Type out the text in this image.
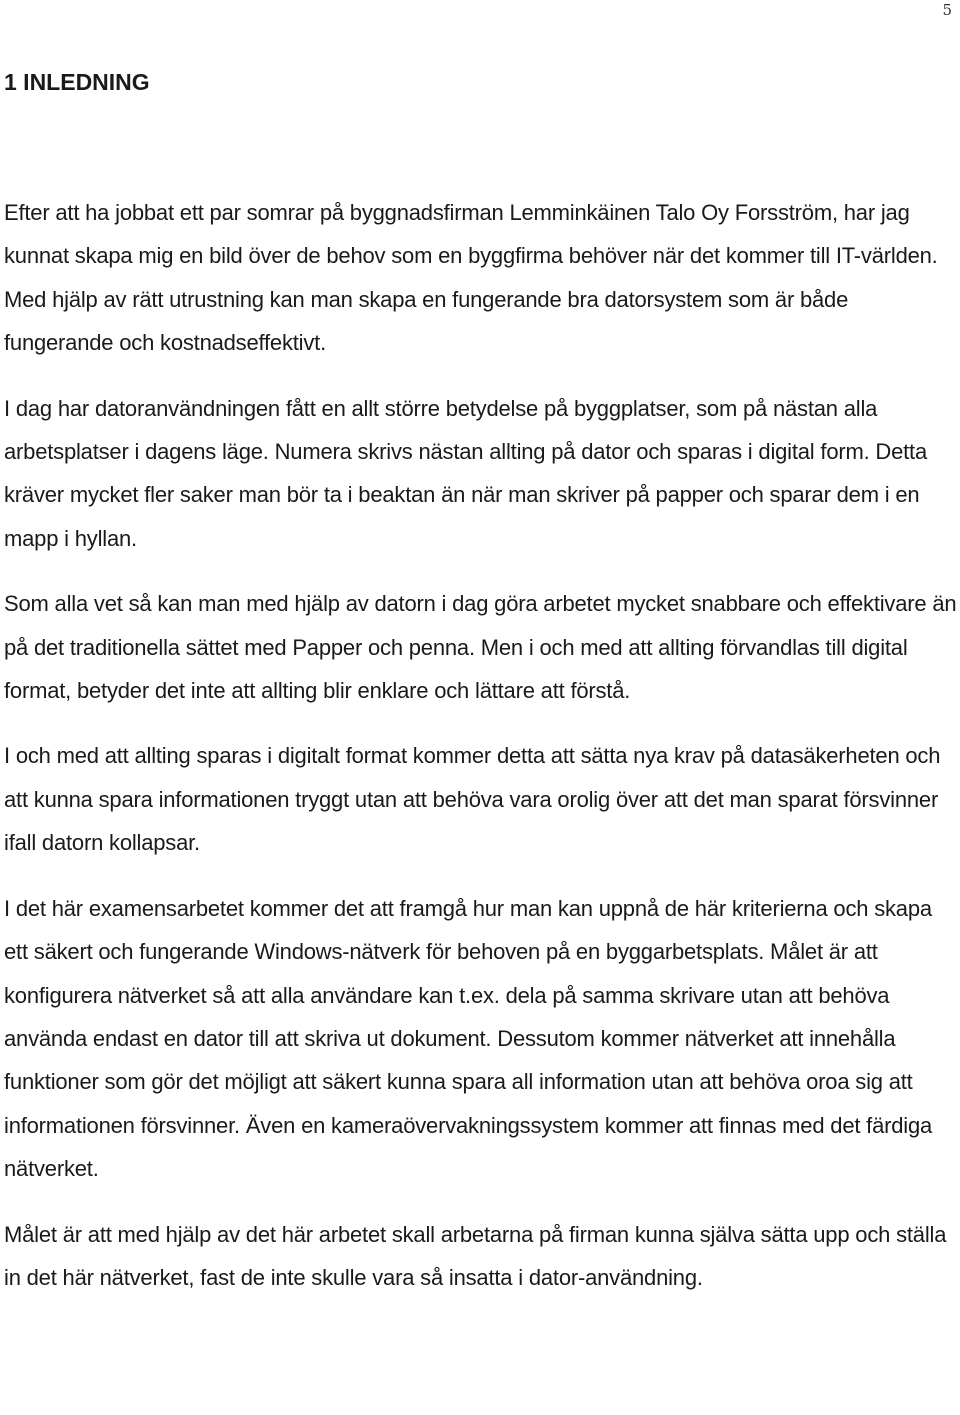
5
1 INLEDNING

Efter att ha jobbat ett par somrar på byggnadsfirman Lemminkäinen Talo Oy Forsström, har jag kunnat skapa mig en bild över de behov som en byggfirma behöver när det kommer till IT-världen. Med hjälp av rätt utrustning kan man skapa en fungerande bra datorsystem som är både fungerande och kostnadseffektivt.

I dag har datoranvändningen fått en allt större betydelse på byggplatser, som på nästan alla arbetsplatser i dagens läge. Numera skrivs nästan allting på dator och sparas i digital form. Detta kräver mycket fler saker man bör ta i beaktan än när man skriver på papper och sparar dem i en mapp i hyllan.

Som alla vet så kan man med hjälp av datorn i dag göra arbetet mycket snabbare och effektivare än på det traditionella sättet med Papper och penna. Men i och med att allting förvandlas till digital format, betyder det inte att allting blir enklare och lättare att förstå.

I och med att allting sparas i digitalt format kommer detta att sätta nya krav på datasäkerheten och att kunna spara informationen tryggt utan att behöva vara orolig över att det man sparat försvinner ifall datorn kollapsar.

I det här examensarbetet kommer det att framgå hur man kan uppnå de här kriterierna och skapa ett säkert och fungerande Windows-nätverk för behoven på en byggarbetsplats. Målet är att konfigurera nätverket så att alla användare kan t.ex. dela på samma skrivare utan att behöva använda endast en dator till att skriva ut dokument. Dessutom kommer nätverket att innehålla funktioner som gör det möjligt att säkert kunna spara all information utan att behöva oroa sig att informationen försvinner. Även en kameraövervakningssystem kommer att finnas med det färdiga nätverket.

Målet är att med hjälp av det här arbetet skall arbetarna på firman kunna själva sätta upp och ställa in det här nätverket, fast de inte skulle vara så insatta i dator-användning.
